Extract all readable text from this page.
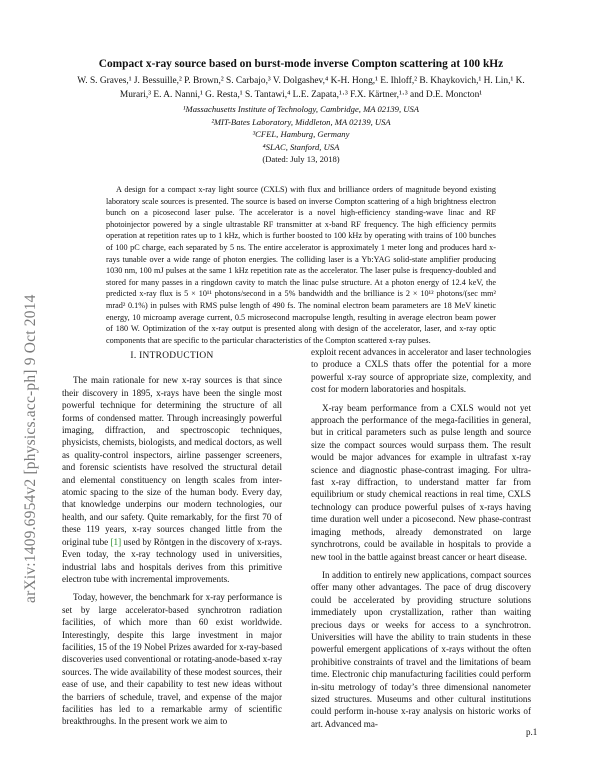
arXiv:1409.6954v2 [physics.acc-ph] 9 Oct 2014
Compact x-ray source based on burst-mode inverse Compton scattering at 100 kHz
W. S. Graves,¹ J. Bessuille,² P. Brown,² S. Carbajo,³ V. Dolgashev,⁴ K-H. Hong,¹ E. Ihloff,² B. Khaykovich,¹ H. Lin,¹ K. Murari,³ E. A. Nanni,¹ G. Resta,¹ S. Tantawi,⁴ L.E. Zapata,¹·³ F.X. Kärtner,¹·³ and D.E. Moncton¹
¹Massachusetts Institute of Technology, Cambridge, MA 02139, USA
²MIT-Bates Laboratory, Middleton, MA 02139, USA
³CFEL, Hamburg, Germany
⁴SLAC, Stanford, USA
(Dated: July 13, 2018)
A design for a compact x-ray light source (CXLS) with flux and brilliance orders of magnitude beyond existing laboratory scale sources is presented. The source is based on inverse Compton scattering of a high brightness electron bunch on a picosecond laser pulse. The accelerator is a novel high-efficiency standing-wave linac and RF photoinjector powered by a single ultrastable RF transmitter at x-band RF frequency. The high efficiency permits operation at repetition rates up to 1 kHz, which is further boosted to 100 kHz by operating with trains of 100 bunches of 100 pC charge, each separated by 5 ns. The entire accelerator is approximately 1 meter long and produces hard x-rays tunable over a wide range of photon energies. The colliding laser is a Yb:YAG solid-state amplifier producing 1030 nm, 100 mJ pulses at the same 1 kHz repetition rate as the accelerator. The laser pulse is frequency-doubled and stored for many passes in a ringdown cavity to match the linac pulse structure. At a photon energy of 12.4 keV, the predicted x-ray flux is 5 × 10¹¹ photons/second in a 5% bandwidth and the brilliance is 2 × 10¹² photons/(sec mm² mrad² 0.1%) in pulses with RMS pulse length of 490 fs. The nominal electron beam parameters are 18 MeV kinetic energy, 10 microamp average current, 0.5 microsecond macropulse length, resulting in average electron beam power of 180 W. Optimization of the x-ray output is presented along with design of the accelerator, laser, and x-ray optic components that are specific to the particular characteristics of the Compton scattered x-ray pulses.
I. INTRODUCTION

The main rationale for new x-ray sources is that since their discovery in 1895, x-rays have been the single most powerful technique for determining the structure of all forms of condensed matter. Through increasingly powerful imaging, diffraction, and spectroscopic techniques, physicists, chemists, biologists, and medical doctors, as well as quality-control inspectors, airline passenger screeners, and forensic scientists have resolved the structural detail and elemental constituency on length scales from inter-atomic spacing to the size of the human body. Every day, that knowledge underpins our modern technologies, our health, and our safety. Quite remarkably, for the first 70 of these 119 years, x-ray sources changed little from the original tube [1] used by Röntgen in the discovery of x-rays. Even today, the x-ray technology used in universities, industrial labs and hospitals derives from this primitive electron tube with incremental improvements.

Today, however, the benchmark for x-ray performance is set by large accelerator-based synchrotron radiation facilities, of which more than 60 exist worldwide. Interestingly, despite this large investment in major facilities, 15 of the 19 Nobel Prizes awarded for x-ray-based discoveries used conventional or rotating-anode-based x-ray sources. The wide availability of these modest sources, their ease of use, and their capability to test new ideas without the barriers of schedule, travel, and expense of the major facilities has led to a remarkable army of scientific breakthroughs. In the present work we aim to

exploit recent advances in accelerator and laser technologies to produce a CXLS thats offer the potential for a more powerful x-ray source of appropriate size, complexity, and cost for modern laboratories and hospitals.

X-ray beam performance from a CXLS would not yet approach the performance of the mega-facilities in general, but in critical parameters such as pulse length and source size the compact sources would surpass them. The result would be major advances for example in ultrafast x-ray science and diagnostic phase-contrast imaging. For ultra-fast x-ray diffraction, to understand matter far from equilibrium or study chemical reactions in real time, CXLS technology can produce powerful pulses of x-rays having time duration well under a picosecond. New phase-contrast imaging methods, already demonstrated on large synchrotrons, could be available in hospitals to provide a new tool in the battle against breast cancer or heart disease.

In addition to entirely new applications, compact sources offer many other advantages. The pace of drug discovery could be accelerated by providing structure solutions immediately upon crystallization, rather than waiting precious days or weeks for access to a synchrotron. Universities will have the ability to train students in these powerful emergent applications of x-rays without the often prohibitive constraints of travel and the limitations of beam time. Electronic chip manufacturing facilities could perform in-situ metrology of today’s three dimensional nanometer sized structures. Museums and other cultural institutions could perform in-house x-ray analysis on historic works of art. Advanced ma-

p.1
